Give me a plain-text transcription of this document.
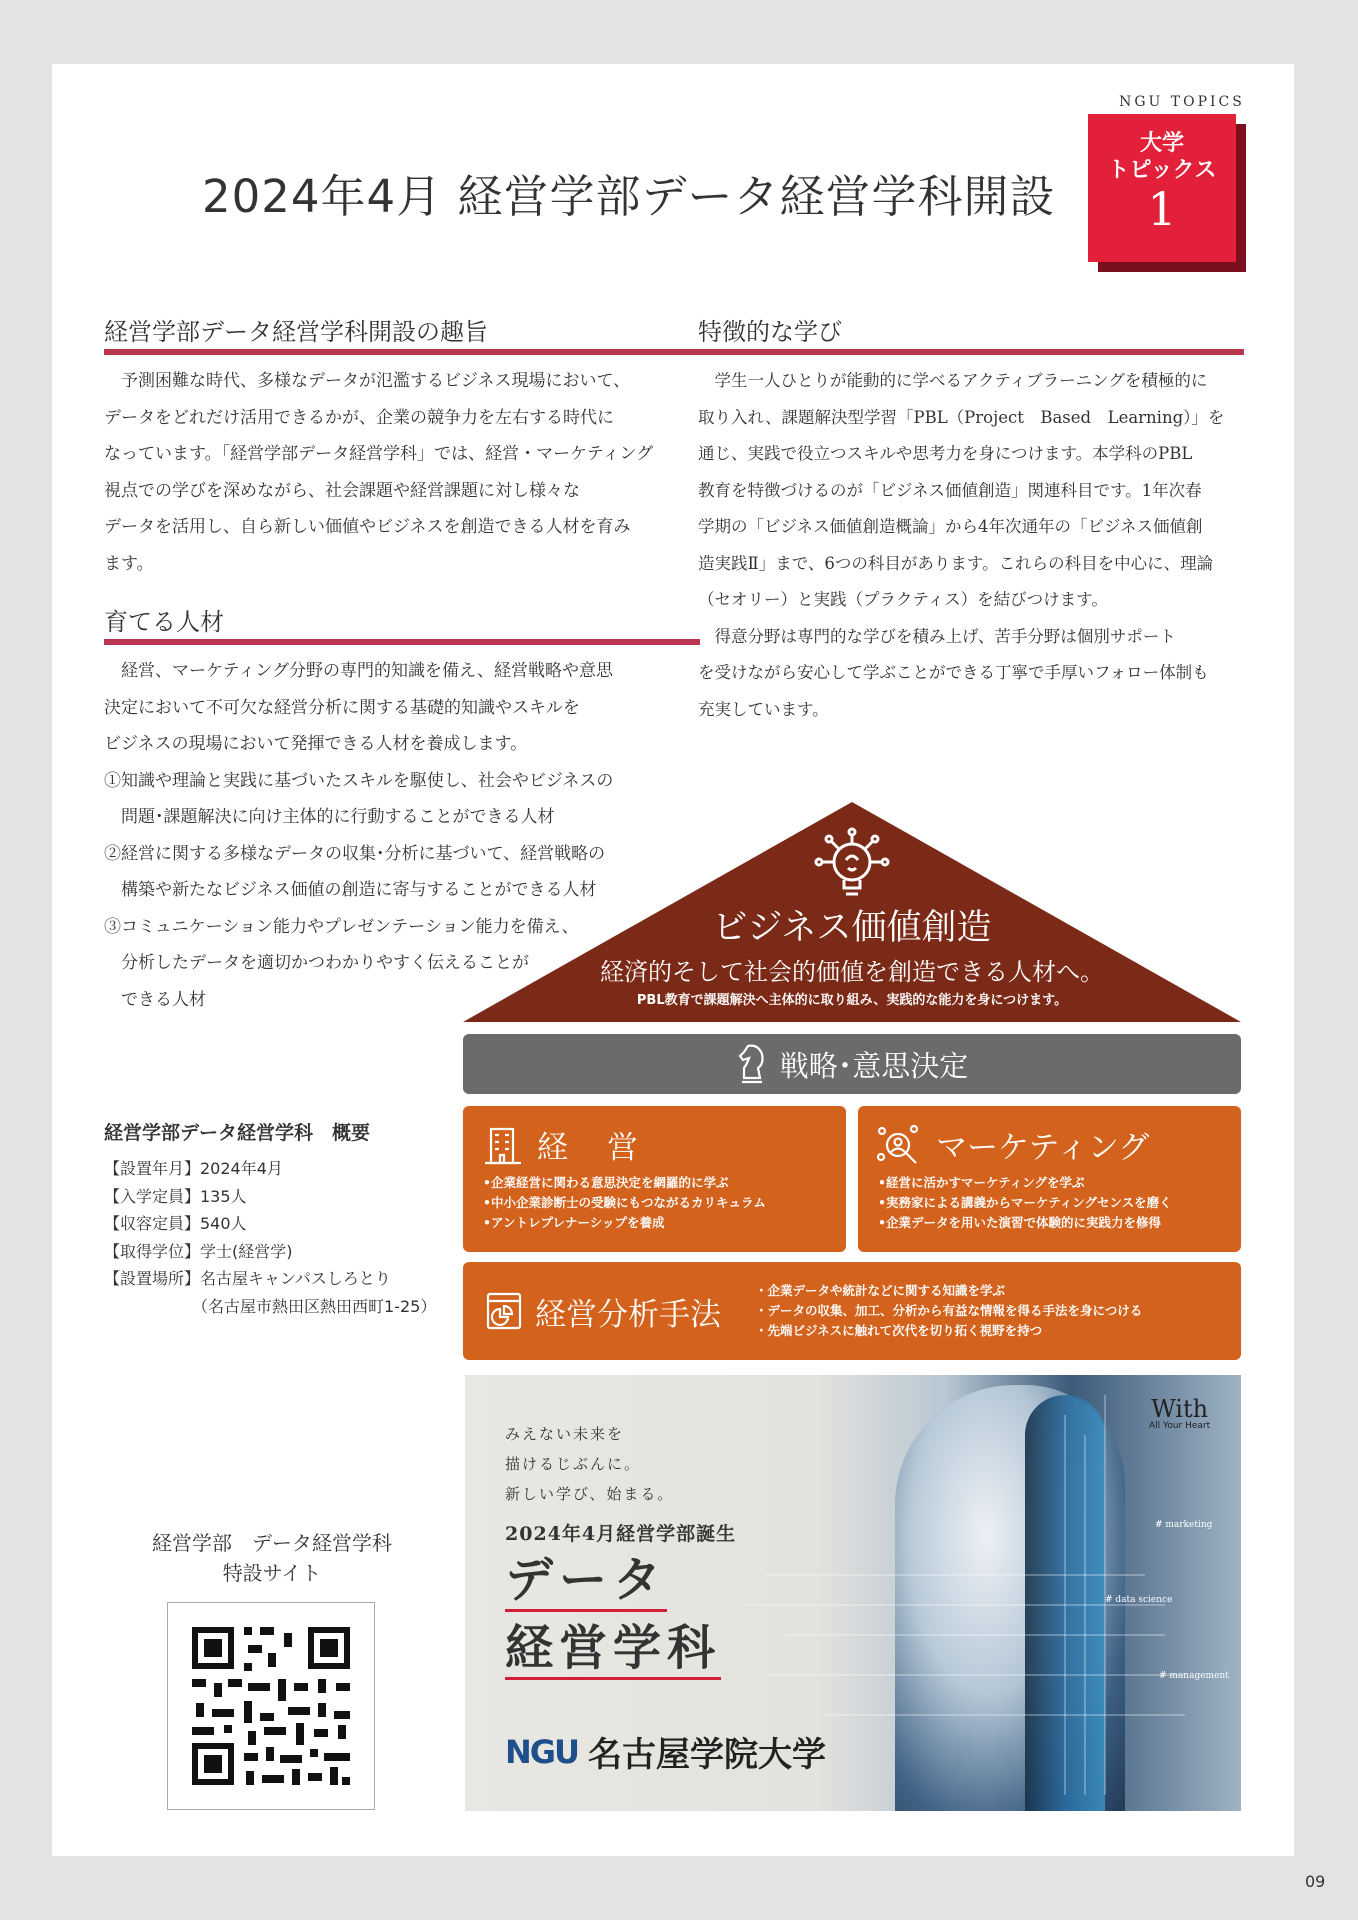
NGU TOPICS
大学
トピックス
1
2024年4月 経営学部データ経営学科開設
経営学部データ経営学科開設の趣旨
予測困難な時代、多様なデータが氾濫するビジネス現場において、
データをどれだけ活用できるかが、企業の競争力を左右する時代に
なっています。「経営学部データ経営学科」では、経営・マーケティング
視点での学びを深めながら、社会課題や経営課題に対し様々な
データを活用し、自ら新しい価値やビジネスを創造できる人材を育み
ます。
育てる人材
経営、マーケティング分野の専門的知識を備え、経営戦略や意思
決定において不可欠な経営分析に関する基礎的知識やスキルを
ビジネスの現場において発揮できる人材を養成します。
①知識や理論と実践に基づいたスキルを駆使し、社会やビジネスの
問題･課題解決に向け主体的に行動することができる人材
②経営に関する多様なデータの収集･分析に基づいて、経営戦略の
構築や新たなビジネス価値の創造に寄与することができる人材
③コミュニケーション能力やプレゼンテーション能力を備え、
分析したデータを適切かつわかりやすく伝えることが
できる人材
特徴的な学び
学生一人ひとりが能動的に学べるアクティブラーニングを積極的に
取り入れ、課題解決型学習「PBL（Project　Based　Learning）」を
通じ、実践で役立つスキルや思考力を身につけます。本学科のPBL
教育を特徴づけるのが「ビジネス価値創造」関連科目です。1年次春
学期の「ビジネス価値創造概論」から4年次通年の「ビジネス価値創
造実践Ⅱ」まで、6つの科目があります。これらの科目を中心に、理論
（セオリー）と実践（プラクティス）を結びつけます。
得意分野は専門的な学びを積み上げ、苦手分野は個別サポート
を受けながら安心して学ぶことができる丁寧で手厚いフォロー体制も
充実しています。
ビジネス価値創造
経済的そして社会的価値を創造できる人材へ。
PBL教育で課題解決へ主体的に取り組み、実践的な能力を身につけます。
戦略･意思決定
経　営
•企業経営に関わる意思決定を網羅的に学ぶ
•中小企業診断士の受験にもつながるカリキュラム
•アントレプレナーシップを養成
マーケティング
•経営に活かすマーケティングを学ぶ
•実務家による講義からマーケティングセンスを磨く
•企業データを用いた演習で体験的に実践力を修得
経営分析手法
・企業データや統計などに関する知識を学ぶ
・データの収集、加工、分析から有益な情報を得る手法を身につける
・先端ビジネスに触れて次代を切り拓く視野を持つ
経営学部データ経営学科　概要
【設置年月】2024年4月
【入学定員】135人
【収容定員】540人
【取得学位】学士(経営学)
【設置場所】名古屋キャンパスしろとり
（名古屋市熱田区熱田西町1-25）
経営学部　データ経営学科
特設サイト
みえない未来を
描けるじぶんに。
新しい学び、始まる。
2024年4月経営学部誕生
データ
経営学科
NGU 名古屋学院大学
With
All Your Heart
# marketing
# data science
# management
09
